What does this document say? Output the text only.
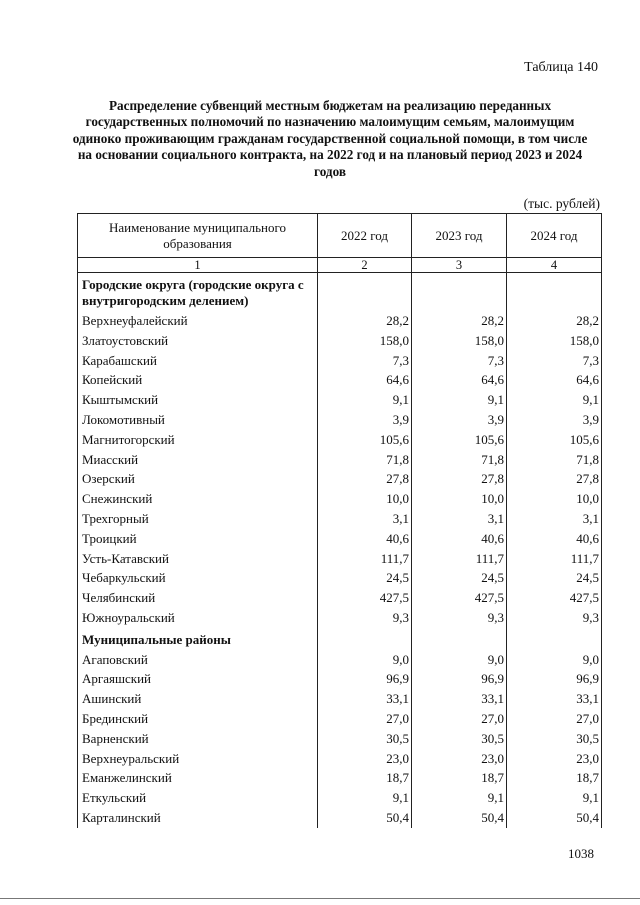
Таблица 140
Распределение субвенций местным бюджетам на реализацию переданных государственных полномочий по назначению малоимущим семьям, малоимущим одиноко проживающим гражданам государственной социальной помощи, в том числе на основании социального контракта, на 2022 год и на плановый период 2023 и 2024 годов
(тыс. рублей)
Наименование муниципального образования	2022 год	2023 год	2024 год
1	2	3	4
Городские округа (городские округа с внутригородским делением)			
Верхнеуфалейский	28,2	28,2	28,2
Златоустовский	158,0	158,0	158,0
Карабашский	7,3	7,3	7,3
Копейский	64,6	64,6	64,6
Кыштымский	9,1	9,1	9,1
Локомотивный	3,9	3,9	3,9
Магнитогорский	105,6	105,6	105,6
Миасский	71,8	71,8	71,8
Озерский	27,8	27,8	27,8
Снежинский	10,0	10,0	10,0
Трехгорный	3,1	3,1	3,1
Троицкий	40,6	40,6	40,6
Усть-Катавский	111,7	111,7	111,7
Чебаркульский	24,5	24,5	24,5
Челябинский	427,5	427,5	427,5
Южноуральский	9,3	9,3	9,3
Муниципальные районы			
Агаповский	9,0	9,0	9,0
Аргаяшский	96,9	96,9	96,9
Ашинский	33,1	33,1	33,1
Брединский	27,0	27,0	27,0
Варненский	30,5	30,5	30,5
Верхнеуральский	23,0	23,0	23,0
Еманжелинский	18,7	18,7	18,7
Еткульский	9,1	9,1	9,1
Карталинский	50,4	50,4	50,4
1038
